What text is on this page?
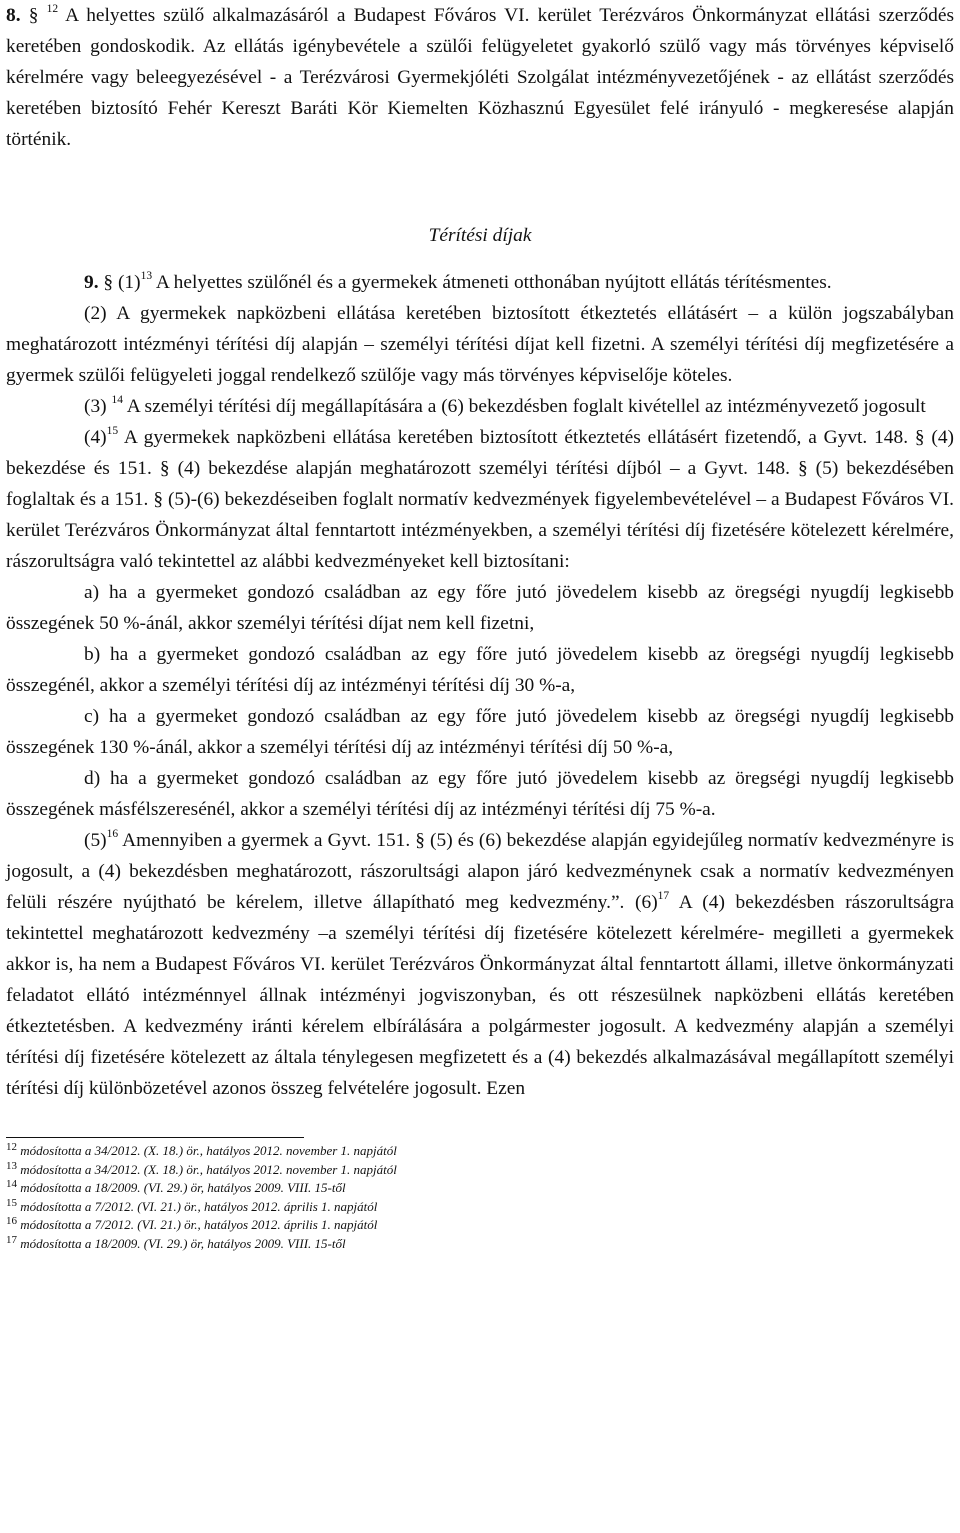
8. § $^{12}$ A helyettes szülő alkalmazásáról a Budapest Főváros VI. kerület Terézváros Önkormányzat ellátási szerződés keretében gondoskodik. Az ellátás igénybevétele a szülői felügyeletet gyakorló szülő vagy más törvényes képviselő kérelmére vagy beleegyezésével - a Terézvárosi Gyermekjóléti Szolgálat intézményvezetőjének - az ellátást szerződés keretében biztosító Fehér Kereszt Baráti Kör Kiemelten Közhasznú Egyesület felé irányuló - megkeresése alapján történik.

Térítési díjak

9. § $(1)^{13}$ A helyettes szülőnél és a gyermekek átmeneti otthonában nyújtott ellátás térítésmentes.

(2) A gyermekek napközbeni ellátása keretében biztosított étkeztetés ellátásért – a külön jogszabályban meghatározott intézményi térítési díj alapján – személyi térítési díjat kell fizetni. A személyi térítési díj megfizetésére a gyermek szülői felügyeleti joggal rendelkező szülője vagy más törvényes képviselője köteles.

(3) $^{14}$ A személyi térítési díj megállapítására a (6) bekezdésben foglalt kivétellel az intézményvezető jogosult

$(4)^{15}$ A gyermekek napközbeni ellátása keretében biztosított étkeztetés ellátásért fizetendő, a Gyvt. 148. § (4) bekezdése és 151. § (4) bekezdése alapján meghatározott személyi térítési díjból – a Gyvt. 148. § (5) bekezdésében foglaltak és a 151. § (5)-(6) bekezdéseiben foglalt normatív kedvezmények figyelembevételével – a Budapest Főváros VI. kerület Terézváros Önkormányzat által fenntartott intézményekben, a személyi térítési díj fizetésére kötelezett kérelmére, rászorultságra való tekintettel az alábbi kedvezményeket kell biztosítani:

a) ha a gyermeket gondozó családban az egy főre jutó jövedelem kisebb az öregségi nyugdíj legkisebb összegének 50 %-ánál, akkor személyi térítési díjat nem kell fizetni,

b) ha a gyermeket gondozó családban az egy főre jutó jövedelem kisebb az öregségi nyugdíj legkisebb összegénél, akkor a személyi térítési díj az intézményi térítési díj 30 %-a,

c) ha a gyermeket gondozó családban az egy főre jutó jövedelem kisebb az öregségi nyugdíj legkisebb összegének 130 %-ánál, akkor a személyi térítési díj az intézményi térítési díj 50 %-a,

d) ha a gyermeket gondozó családban az egy főre jutó jövedelem kisebb az öregségi nyugdíj legkisebb összegének másfélszeresénél, akkor a személyi térítési díj az intézményi térítési díj 75 %-a.

$(5)^{16}$ Amennyiben a gyermek a Gyvt. 151. § (5) és (6) bekezdése alapján egyidejűleg normatív kedvezményre is jogosult, a (4) bekezdésben meghatározott, rászorultsági alapon járó kedvezménynek csak a normatív kedvezményen felüli részére nyújtható be kérelem, illetve állapítható meg kedvezmény.”. $(6)^{17}$ A (4) bekezdésben rászorultságra tekintettel meghatározott kedvezmény –a személyi térítési díj fizetésére kötelezett kérelmére- megilleti a gyermekek akkor is, ha nem a Budapest Főváros VI. kerület Terézváros Önkormányzat által fenntartott állami, illetve önkormányzati feladatot ellátó intézménnyel állnak intézményi jogviszonyban, és ott részesülnek napközbeni ellátás keretében étkeztetésben. A kedvezmény iránti kérelem elbírálására a polgármester jogosult. A kedvezmény alapján a személyi térítési díj fizetésére kötelezett az általa ténylegesen megfizetett és a (4) bekezdés alkalmazásával megállapított személyi térítési díj különbözetével azonos összeg felvételére jogosult. Ezen

$^{12}$ módosította a 34/2012. (X. 18.) ör., hatályos 2012. november 1. napjától

$^{13}$ módosította a 34/2012. (X. 18.) ör., hatályos 2012. november 1. napjától

$^{14}$ módosította a 18/2009. (VI. 29.) ör, hatályos 2009. VIII. 15-től

$^{15}$ módosította a 7/2012. (VI. 21.) ör., hatályos 2012. április 1. napjától

$^{16}$ módosította a 7/2012. (VI. 21.) ör., hatályos 2012. április 1. napjától

$^{17}$ módosította a 18/2009. (VI. 29.) ör, hatályos 2009. VIII. 15-től
